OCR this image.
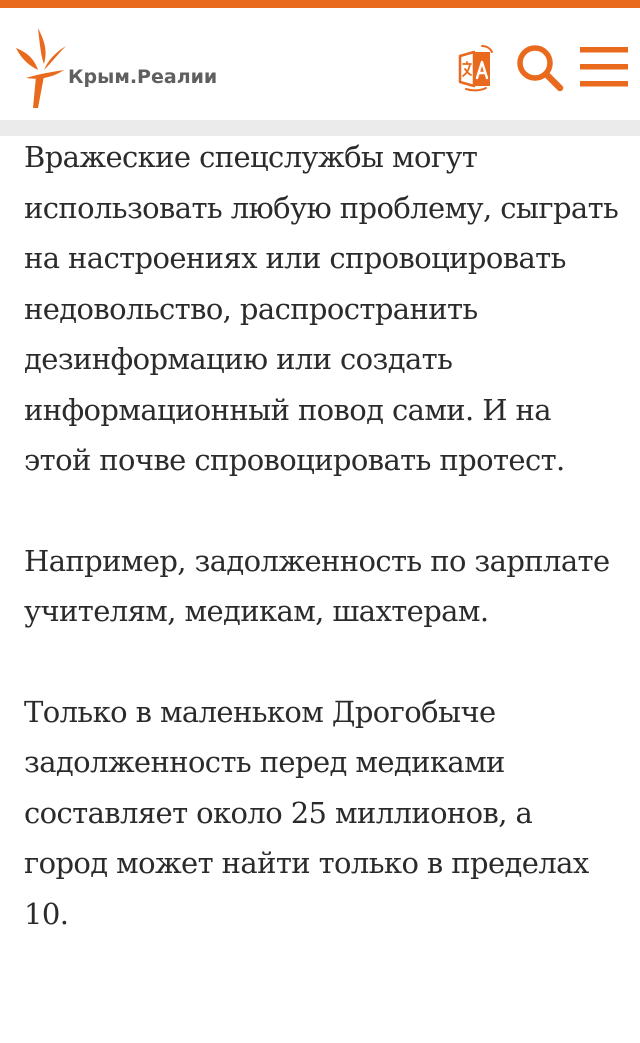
Крым.Реалии

Вражеские спецслужбы могут использовать любую проблему, сыграть на настроениях или спровоцировать недовольство, распространить дезинформацию или создать информационный повод сами. И на этой почве спровоцировать протест.

Например, задолженность по зарплате учителям, медикам, шахтерам.

Только в маленьком Дрогобыче задолженность перед медиками составляет около 25 миллионов, а город может найти только в пределах 10.
